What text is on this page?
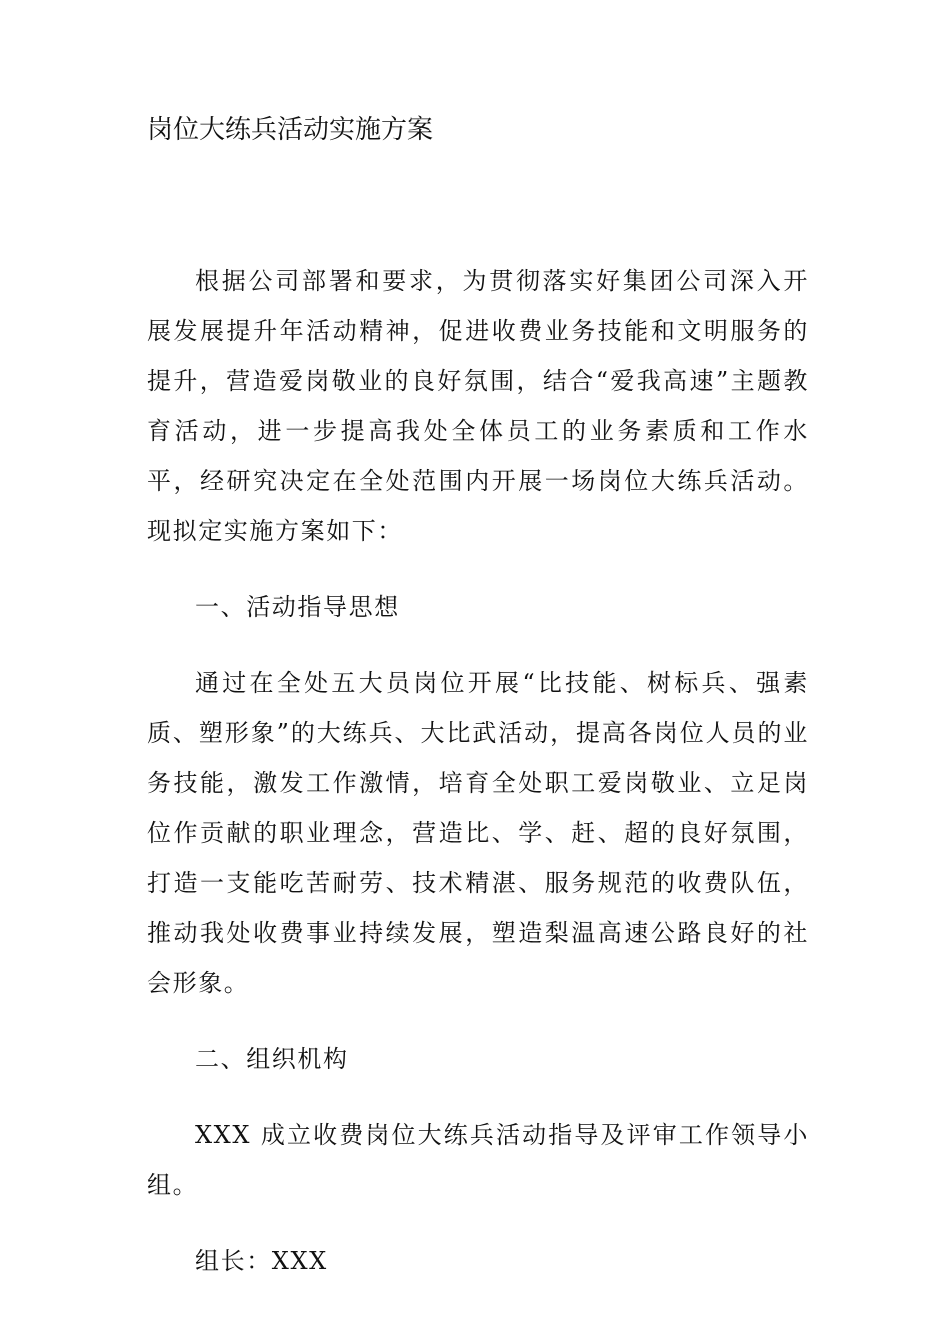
岗位大练兵活动实施方案

根据公司部署和要求，为贯彻落实好集团公司深入开展发展提升年活动精神，促进收费业务技能和文明服务的提升，营造爱岗敬业的良好氛围，结合“爱我高速”主题教育活动，进一步提高我处全体员工的业务素质和工作水平，经研究决定在全处范围内开展一场岗位大练兵活动。现拟定实施方案如下：

一、活动指导思想

通过在全处五大员岗位开展“比技能、树标兵、强素质、塑形象”的大练兵、大比武活动，提高各岗位人员的业务技能，激发工作激情，培育全处职工爱岗敬业、立足岗位作贡献的职业理念，营造比、学、赶、超的良好氛围，打造一支能吃苦耐劳、技术精湛、服务规范的收费队伍，推动我处收费事业持续发展，塑造梨温高速公路良好的社会形象。

二、组织机构

XXX 成立收费岗位大练兵活动指导及评审工作领导小组。

组长：XXX
